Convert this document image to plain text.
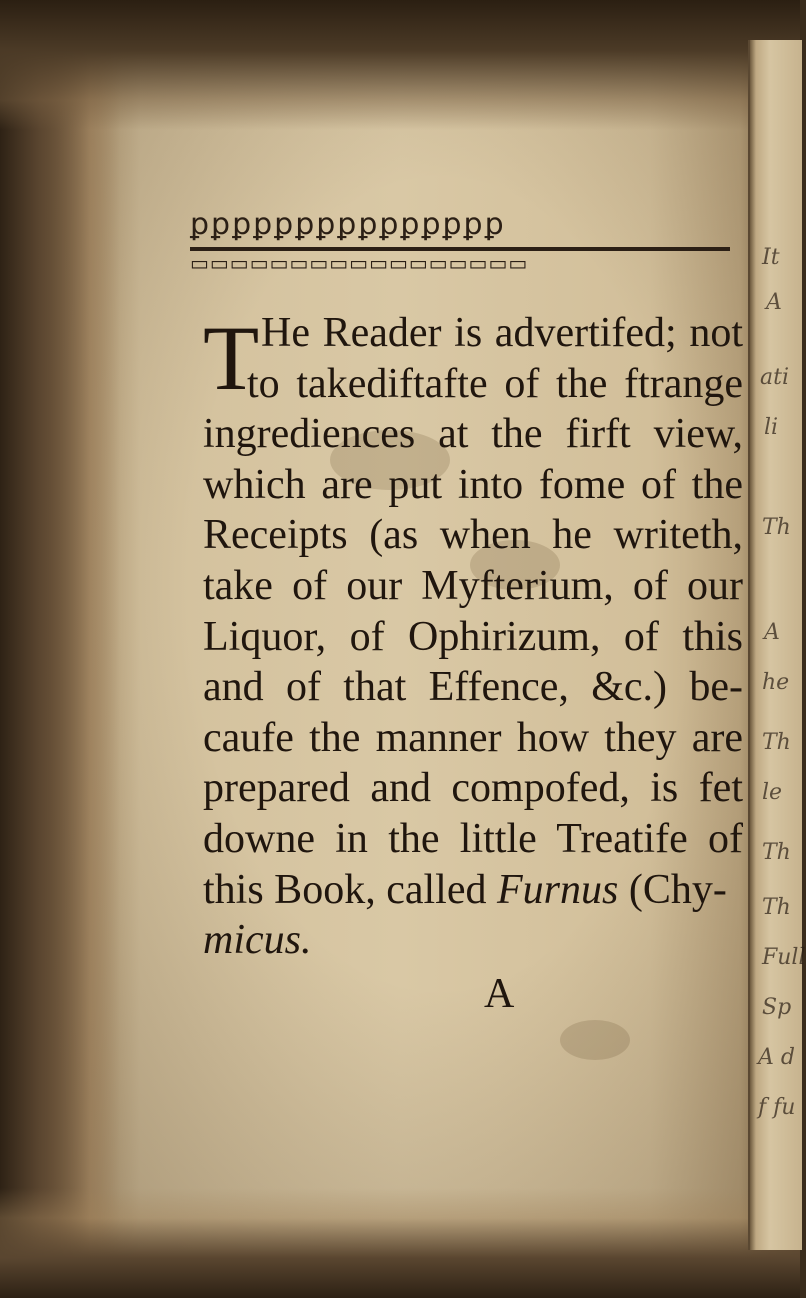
It
A
ati
li
Th
A
he
Th
le
Th
Th
Full
Sp
A d
f fu
ꝑꝑꝑꝑꝑꝑꝑꝑꝑꝑꝑꝑꝑꝑꝑ
▭▭▭▭▭▭▭▭▭▭▭▭▭▭▭▭▭
T He Reader is advertifed; not
to takediftafte of the ftrange
ingrediences at the firft view,
which are put into fome of the
Receipts (as when he writeth,
take of our Myfterium, of our
Liquor, of Ophirizum, of this
and of that Effence, &c.) be-
caufe the manner how they are
prepared and compofed, is fet
downe in the little Treatife of
this Book, called Furnus (Chy-
micus.
A
